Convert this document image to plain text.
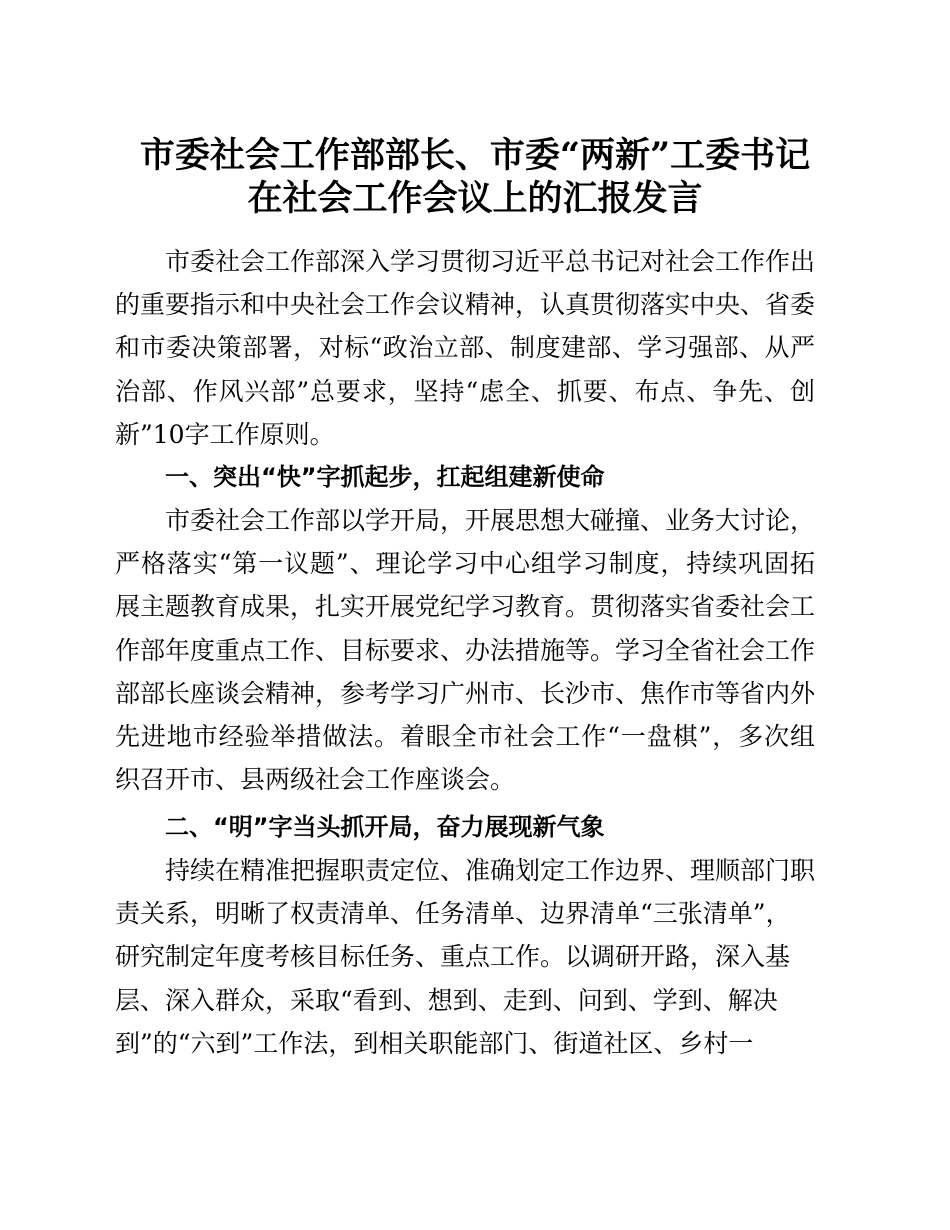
市委社会工作部部长、市委“两新”工委书记
在社会工作会议上的汇报发言

市委社会工作部深入学习贯彻习近平总书记对社会工作作出的重要指示和中央社会工作会议精神，认真贯彻落实中央、省委和市委决策部署，对标“政治立部、制度建部、学习强部、从严治部、作风兴部”总要求，坚持“虑全、抓要、布点、争先、创新”10字工作原则。

一、突出“快”字抓起步，扛起组建新使命

市委社会工作部以学开局，开展思想大碰撞、业务大讨论，严格落实“第一议题”、理论学习中心组学习制度，持续巩固拓展主题教育成果，扎实开展党纪学习教育。贯彻落实省委社会工作部年度重点工作、目标要求、办法措施等。学习全省社会工作部部长座谈会精神，参考学习广州市、长沙市、焦作市等省内外先进地市经验举措做法。着眼全市社会工作“一盘棋”，多次组织召开市、县两级社会工作座谈会。

二、“明”字当头抓开局，奋力展现新气象

持续在精准把握职责定位、准确划定工作边界、理顺部门职
责关系，明晰了权责清单、任务清单、边界清单“三张清单”，
研究制定年度考核目标任务、重点工作。以调研开路，深入基
层、深入群众，采取“看到、想到、走到、问到、学到、解决
到”的“六到”工作法，到相关职能部门、街道社区、乡村一
